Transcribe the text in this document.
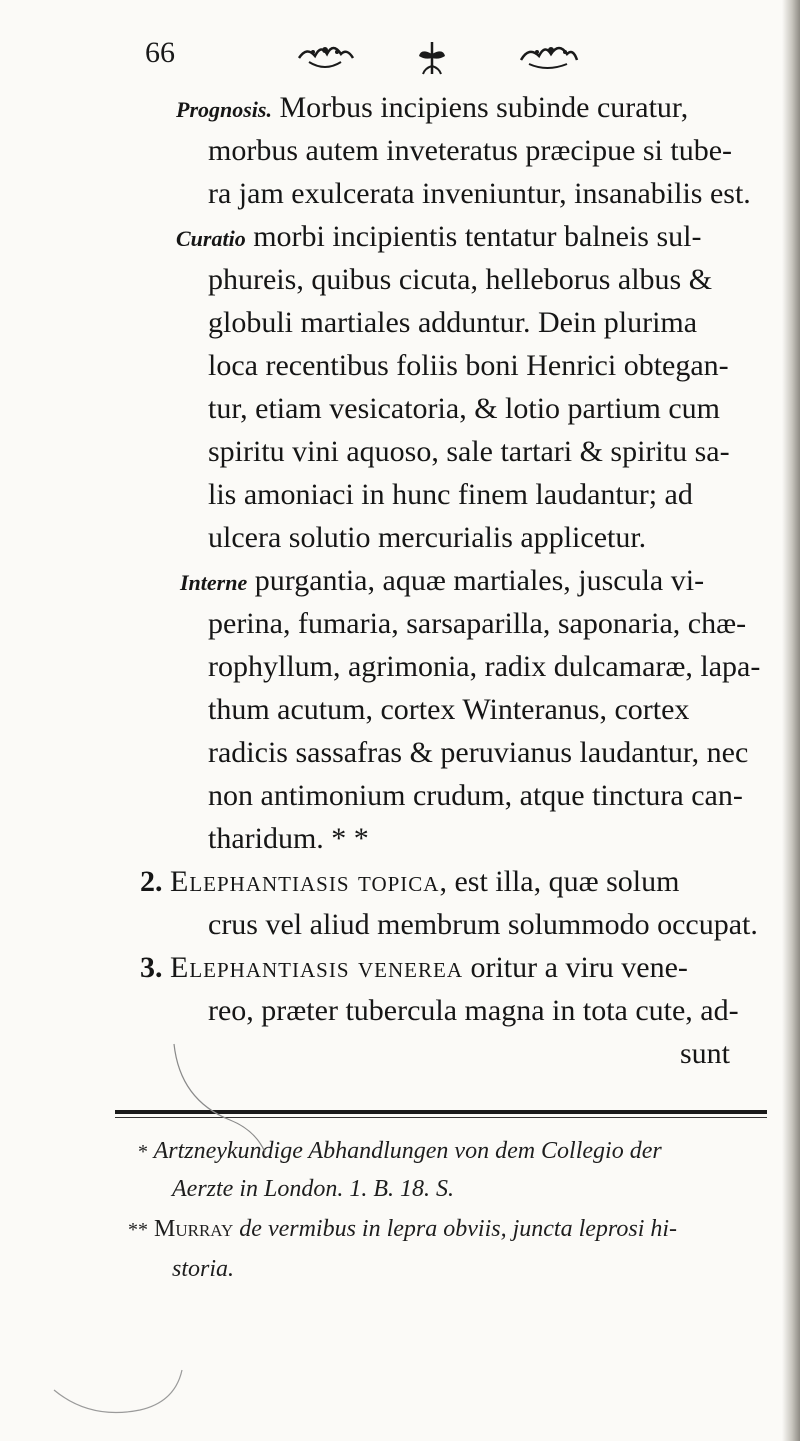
66
Prognosis. Morbus incipiens subinde curatur,
morbus autem inveteratus præcipue si tube-
ra jam exulcerata inveniuntur, insanabilis est.
Curatio morbi incipientis tentatur balneis sul-
phureis, quibus cicuta, helleborus albus &
globuli martiales adduntur. Dein plurima
loca recentibus foliis boni Henrici obtegan-
tur, etiam vesicatoria, & lotio partium cum
spiritu vini aquoso, sale tartari & spiritu sa-
lis amoniaci in hunc finem laudantur; ad
ulcera solutio mercurialis applicetur.
Interne purgantia, aquæ martiales, juscula vi-
perina, fumaria, sarsaparilla, saponaria, chæ-
rophyllum, agrimonia, radix dulcamaræ, lapa-
thum acutum, cortex Winteranus, cortex
radicis sassafras & peruvianus laudantur, nec
non antimonium crudum, atque tinctura can-
tharidum. * *
2. Elephantiasis topica, est illa, quæ solum
crus vel aliud membrum solummodo occupat.
3. Elephantiasis venerea oritur a viru vene-
reo, præter tubercula magna in tota cute, ad-
sunt
* Artzneykundige Abhandlungen von dem Collegio der
Aerzte in London. 1. B. 18. S.
** Murray de vermibus in lepra obviis, juncta leprosi hi-
storia.
